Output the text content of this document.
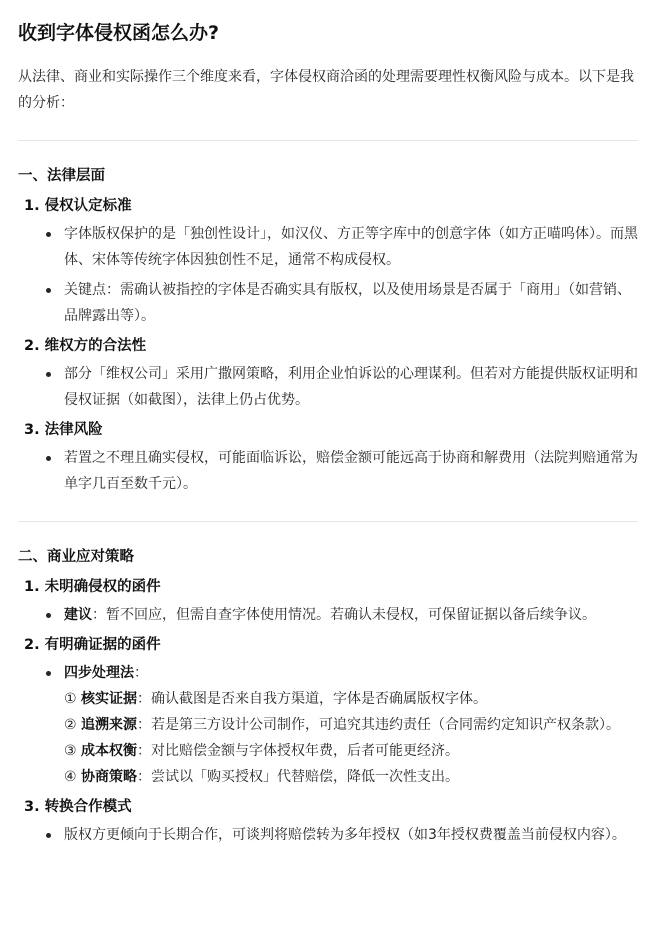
收到字体侵权函怎么办?

从法律、商业和实际操作三个维度来看，字体侵权商洽函的处理需要理性权衡风险与成本。以下是我的分析：

一、法律层面
1. 侵权认定标准
字体版权保护的是「独创性设计」，如汉仪、方正等字库中的创意字体（如方正喵呜体）。而黑体、宋体等传统字体因独创性不足，通常不构成侵权。
关键点：需确认被指控的字体是否确实具有版权，以及使用场景是否属于「商用」（如营销、品牌露出等）。
2. 维权方的合法性
部分「维权公司」采用广撒网策略，利用企业怕诉讼的心理谋利。但若对方能提供版权证明和侵权证据（如截图），法律上仍占优势。
3. 法律风险
若置之不理且确实侵权，可能面临诉讼，赔偿金额可能远高于协商和解费用（法院判赔通常为单字几百至数千元）。
二、商业应对策略
1. 未明确侵权的函件
建议：暂不回应，但需自查字体使用情况。若确认未侵权，可保留证据以备后续争议。
2. 有明确证据的函件
四步处理法：
① 核实证据：确认截图是否来自我方渠道，字体是否确属版权字体。
② 追溯来源：若是第三方设计公司制作，可追究其违约责任（合同需约定知识产权条款）。
③ 成本权衡：对比赔偿金额与字体授权年费，后者可能更经济。
④ 协商策略：尝试以「购买授权」代替赔偿，降低一次性支出。
3. 转换合作模式
版权方更倾向于长期合作，可谈判将赔偿转为多年授权（如3年授权费覆盖当前侵权内容）。
